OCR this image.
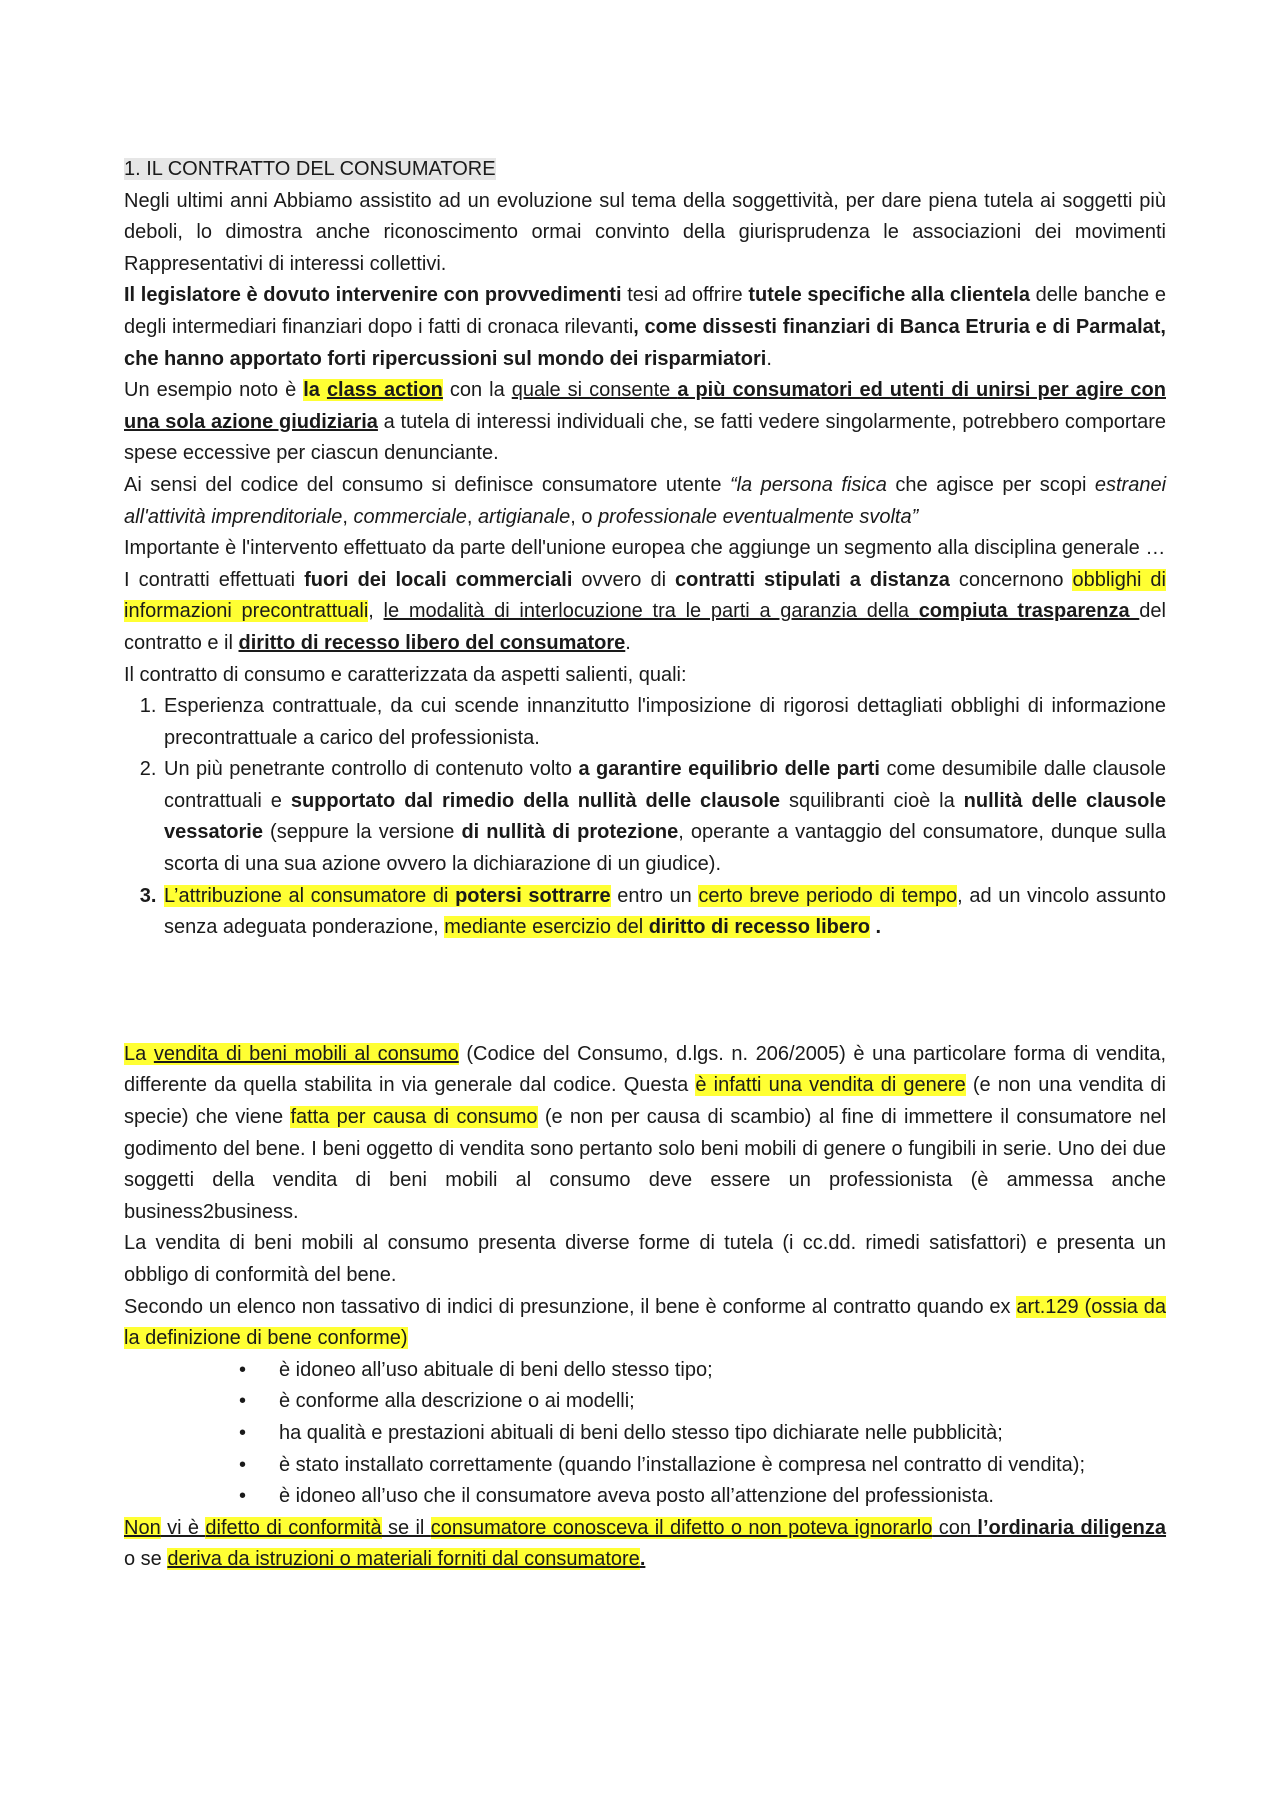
1. IL CONTRATTO DEL CONSUMATORE

Negli ultimi anni Abbiamo assistito ad un evoluzione sul tema della soggettività, per dare piena tutela ai soggetti più deboli, lo dimostra anche riconoscimento ormai convinto della giurisprudenza le associazioni dei movimenti Rappresentativi di interessi collettivi.

Il legislatore è dovuto intervenire con provvedimenti tesi ad offrire tutele specifiche alla clientela delle banche e degli intermediari finanziari dopo i fatti di cronaca rilevanti, come dissesti finanziari di Banca Etruria e di Parmalat, che hanno apportato forti ripercussioni sul mondo dei risparmiatori.

Un esempio noto è la class action con la quale si consente a più consumatori ed utenti di unirsi per agire con una sola azione giudiziaria a tutela di interessi individuali che, se fatti vedere singolarmente, potrebbero comportare spese eccessive per ciascun denunciante.

Ai sensi del codice del consumo si definisce consumatore utente “la persona fisica che agisce per scopi estranei all'attività imprenditoriale, commerciale, artigianale, o professionale eventualmente svolta”

Importante è l'intervento effettuato da parte dell'unione europea che aggiunge un segmento alla disciplina generale …

I contratti effettuati fuori dei locali commerciali ovvero di contratti stipulati a distanza concernono obblighi di informazioni precontrattuali, le modalità di interlocuzione tra le parti a garanzia della compiuta trasparenza del contratto e il diritto di recesso libero del consumatore.

Il contratto di consumo e caratterizzata da aspetti salienti, quali:

1. Esperienza contrattuale, da cui scende innanzitutto l'imposizione di rigorosi dettagliati obblighi di informazione precontrattuale a carico del professionista.
2. Un più penetrante controllo di contenuto volto a garantire equilibrio delle parti come desumibile dalle clausole contrattuali e supportato dal rimedio della nullità delle clausole squilibranti cioè la nullità delle clausole vessatorie (seppure la versione di nullità di protezione, operante a vantaggio del consumatore, dunque sulla scorta di una sua azione ovvero la dichiarazione di un giudice).
3. L’attribuzione al consumatore di potersi sottrarre entro un certo breve periodo di tempo, ad un vincolo assunto senza adeguata ponderazione, mediante esercizio del diritto di recesso libero .

La vendita di beni mobili al consumo (Codice del Consumo, d.lgs. n. 206/2005) è una particolare forma di vendita, differente da quella stabilita in via generale dal codice. Questa è infatti una vendita di genere (e non una vendita di specie) che viene fatta per causa di consumo (e non per causa di scambio) al fine di immettere il consumatore nel godimento del bene. I beni oggetto di vendita sono pertanto solo beni mobili di genere o fungibili in serie. Uno dei due soggetti della vendita di beni mobili al consumo deve essere un professionista (è ammessa anche business2business.

La vendita di beni mobili al consumo presenta diverse forme di tutela (i cc.dd. rimedi satisfattori) e presenta un obbligo di conformità del bene.

Secondo un elenco non tassativo di indici di presunzione, il bene è conforme al contratto quando ex art.129 (ossia da la definizione di bene conforme)

• è idoneo all’uso abituale di beni dello stesso tipo;
• è conforme alla descrizione o ai modelli;
• ha qualità e prestazioni abituali di beni dello stesso tipo dichiarate nelle pubblicità;
• è stato installato correttamente (quando l’installazione è compresa nel contratto di vendita);
• è idoneo all’uso che il consumatore aveva posto all’attenzione del professionista.

Non vi è difetto di conformità se il consumatore conosceva il difetto o non poteva ignorarlo con l’ordinaria diligenza o se deriva da istruzioni o materiali forniti dal consumatore.
